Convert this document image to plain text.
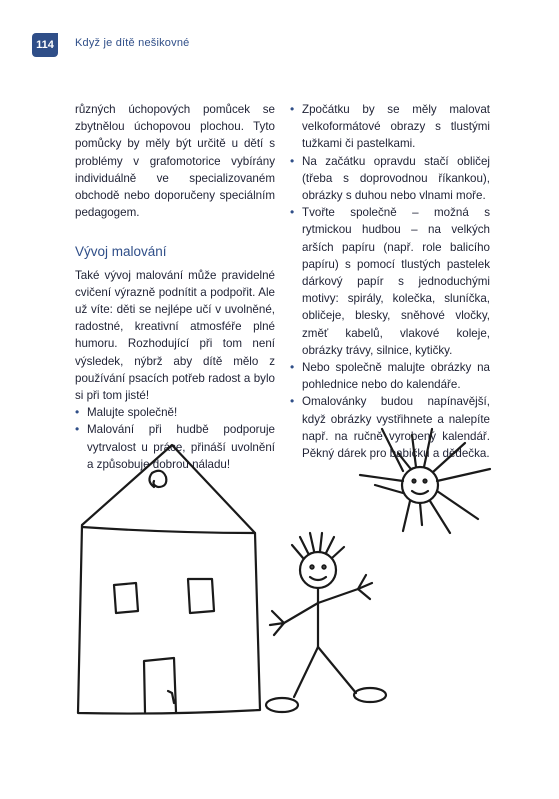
114	Když je dítě nešikovné

různých úchopových pomůcek se zbytnělou úchopovou plochou. Tyto pomůcky by měly být určitě u dětí s problémy v grafomotorice vybírány individuálně ve specializovaném obchodě nebo doporučeny speciálním pedagogem.

Vývoj malování

Také vývoj malování může pravidelné cvičení výrazně podnítit a podpořit. Ale už víte: děti se nejlépe učí v uvolněné, radostné, kreativní atmosféře plné humoru. Rozhodující při tom není výsledek, nýbrž aby dítě mělo z používání psacích potřeb radost a bylo si při tom jisté!

• Malujte společně!
• Malování při hudbě podporuje vytrvalost u práce, přináší uvolnění a způsobuje dobrou náladu!
• Zpočátku by se měly malovat velkoformátové obrazy s tlustými tužkami či pastelkami.
• Na začátku opravdu stačí obličej (třeba s doprovodnou říkankou), obrázky s duhou nebo vlnami moře.
• Tvořte společně – možná s rytmickou hudbou – na velkých arších papíru (např. role balicího papíru) s pomocí tlustých pastelek dárkový papír s jednoduchými motivy: spirály, kolečka, sluníčka, obličeje, blesky, sněhové vločky, změť kabelů, vlakové koleje, obrázky trávy, silnice, kytičky.
• Nebo společně malujte obrázky na pohlednice nebo do kalendáře.
• Omalovánky budou napínavější, když obrázky vystřihnete a nalepíte např. na ručně vyrobený kalendář. Pěkný dárek pro babičku a dědečka.
